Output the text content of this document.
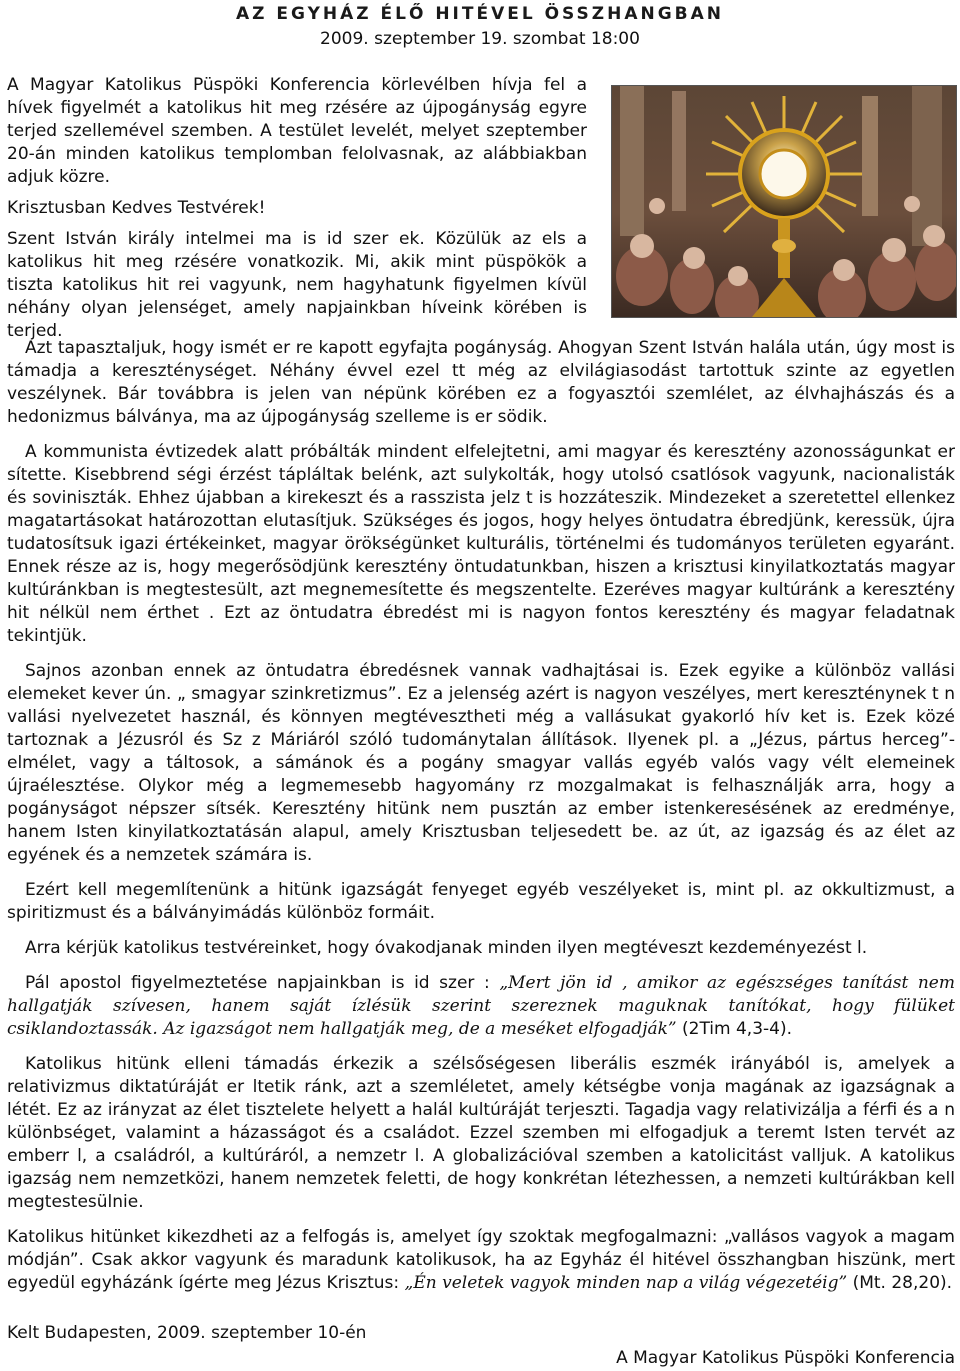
AZ EGYHÁZ ÉLŐ HITÉVEL ÖSSZHANGBAN
2009. szeptember 19. szombat 18:00

A Magyar Katolikus Püspöki Konferencia körlevélben hívja fel a hívek figyelmét a katolikus hit meg rzésére az újpogányság egyre terjed szellemével szemben. A testület levelét, melyet szeptember 20-án minden katolikus templomban felolvasnak, az alábbiakban adjuk közre.

Krisztusban Kedves Testvérek!

Szent István király intelmei ma is id szer ek. Közülük az els a katolikus hit meg rzésére vonatkozik. Mi, akik mint püspökök a tiszta katolikus hit rei vagyunk, nem hagyhatunk figyelmen kívül néhány olyan jelenséget, amely napjainkban híveink körében is terjed.

Azt tapasztaljuk, hogy ismét er re kapott egyfajta pogányság. Ahogyan Szent István halála után, úgy most is támadja a kereszténységet. Néhány évvel ezel tt még az elvilágiasodást tartottuk szinte az egyetlen veszélynek. Bár továbbra is jelen van népünk körében ez a fogyasztói szemlélet, az élvhajhászás és a hedonizmus bálványa, ma az újpogányság szelleme is er södik.

A kommunista évtizedek alatt próbálták mindent elfelejtetni, ami magyar és keresztény azonosságunkat er sítette. Kisebbrend ségi érzést tápláltak belénk, azt sulykolták, hogy utolsó csatlósok vagyunk, nacionalisták és soviniszták. Ehhez újabban a kirekeszt és a rasszista jelz t is hozzáteszik. Mindezeket a szeretettel ellenkez magatartásokat határozottan elutasítjuk. Szükséges és jogos, hogy helyes öntudatra ébredjünk, keressük, újra tudatosítsuk igazi értékeinket, magyar örökségünket kulturális, történelmi és tudományos területen egyaránt. Ennek része az is, hogy megerősödjünk keresztény öntudatunkban, hiszen a krisztusi kinyilatkoztatás magyar kultúránkban is megtestesült, azt megnemesítette és megszentelte. Ezeréves magyar kultúránk a keresztény hit nélkül nem érthet . Ezt az öntudatra ébredést mi is nagyon fontos keresztény és magyar feladatnak tekintjük.

Sajnos azonban ennek az öntudatra ébredésnek vannak vadhajtásai is. Ezek egyike a különböz vallási elemeket kever ún. „ smagyar szinkretizmus”. Ez a jelenség azért is nagyon veszélyes, mert kereszténynek t n vallási nyelvezetet használ, és könnyen megtévesztheti még a vallásukat gyakorló hív ket is. Ezek közé tartoznak a Jézusról és Sz z Máriáról szóló tudománytalan állítások. Ilyenek pl. a „Jézus, pártus herceg”- elmélet, vagy a táltosok, a sámánok és a pogány smagyar vallás egyéb valós vagy vélt elemeinek újraélesztése. Olykor még a legmemesebb hagyomány rz mozgalmakat is felhasználják arra, hogy a pogányságot népszer sítsék. Keresztény hitünk nem pusztán az ember istenkeresésének az eredménye, hanem Isten kinyilatkoztatásán alapul, amely Krisztusban teljesedett be. az út, az igazság és az élet az egyének és a nemzetek számára is.

Ezért kell megemlítenünk a hitünk igazságát fenyeget egyéb veszélyeket is, mint pl. az okkultizmust, a spiritizmust és a bálványimádás különböz formáit.

Arra kérjük katolikus testvéreinket, hogy óvakodjanak minden ilyen megtéveszt kezdeményezést l.

Pál apostol figyelmeztetése napjainkban is id szer : „Mert jön id , amikor az egészséges tanítást nem hallgatják szívesen, hanem saját ízlésük szerint szereznek maguknak tanítókat, hogy fülüket csiklandoztassák. Az igazságot nem hallgatják meg, de a meséket elfogadják” (2Tim 4,3-4).

Katolikus hitünk elleni támadás érkezik a szélsőségesen liberális eszmék irányából is, amelyek a relativizmus diktatúráját er ltetik ránk, azt a szemléletet, amely kétségbe vonja magának az igazságnak a létét. Ez az irányzat az élet tisztelete helyett a halál kultúráját terjeszti. Tagadja vagy relativizálja a férfi és a n különbséget, valamint a házasságot és a családot. Ezzel szemben mi elfogadjuk a teremt Isten tervét az emberr l, a családról, a kultúráról, a nemzetr l. A globalizációval szemben a katolicitást valljuk. A katolikus igazság nem nemzetközi, hanem nemzetek feletti, de hogy konkrétan létezhessen, a nemzeti kultúrákban kell megtestesülnie.

Katolikus hitünket kikezdheti az a felfogás is, amelyet így szoktak megfogalmazni: „vallásos vagyok a magam módján”. Csak akkor vagyunk és maradunk katolikusok, ha az Egyház él hitével összhangban hiszünk, mert egyedül egyházánk ígérte meg Jézus Krisztus: „Én veletek vagyok minden nap a világ végezetéig” (Mt. 28,20).

Kelt Budapesten, 2009. szeptember 10-én
A Magyar Katolikus Püspöki Konferencia
